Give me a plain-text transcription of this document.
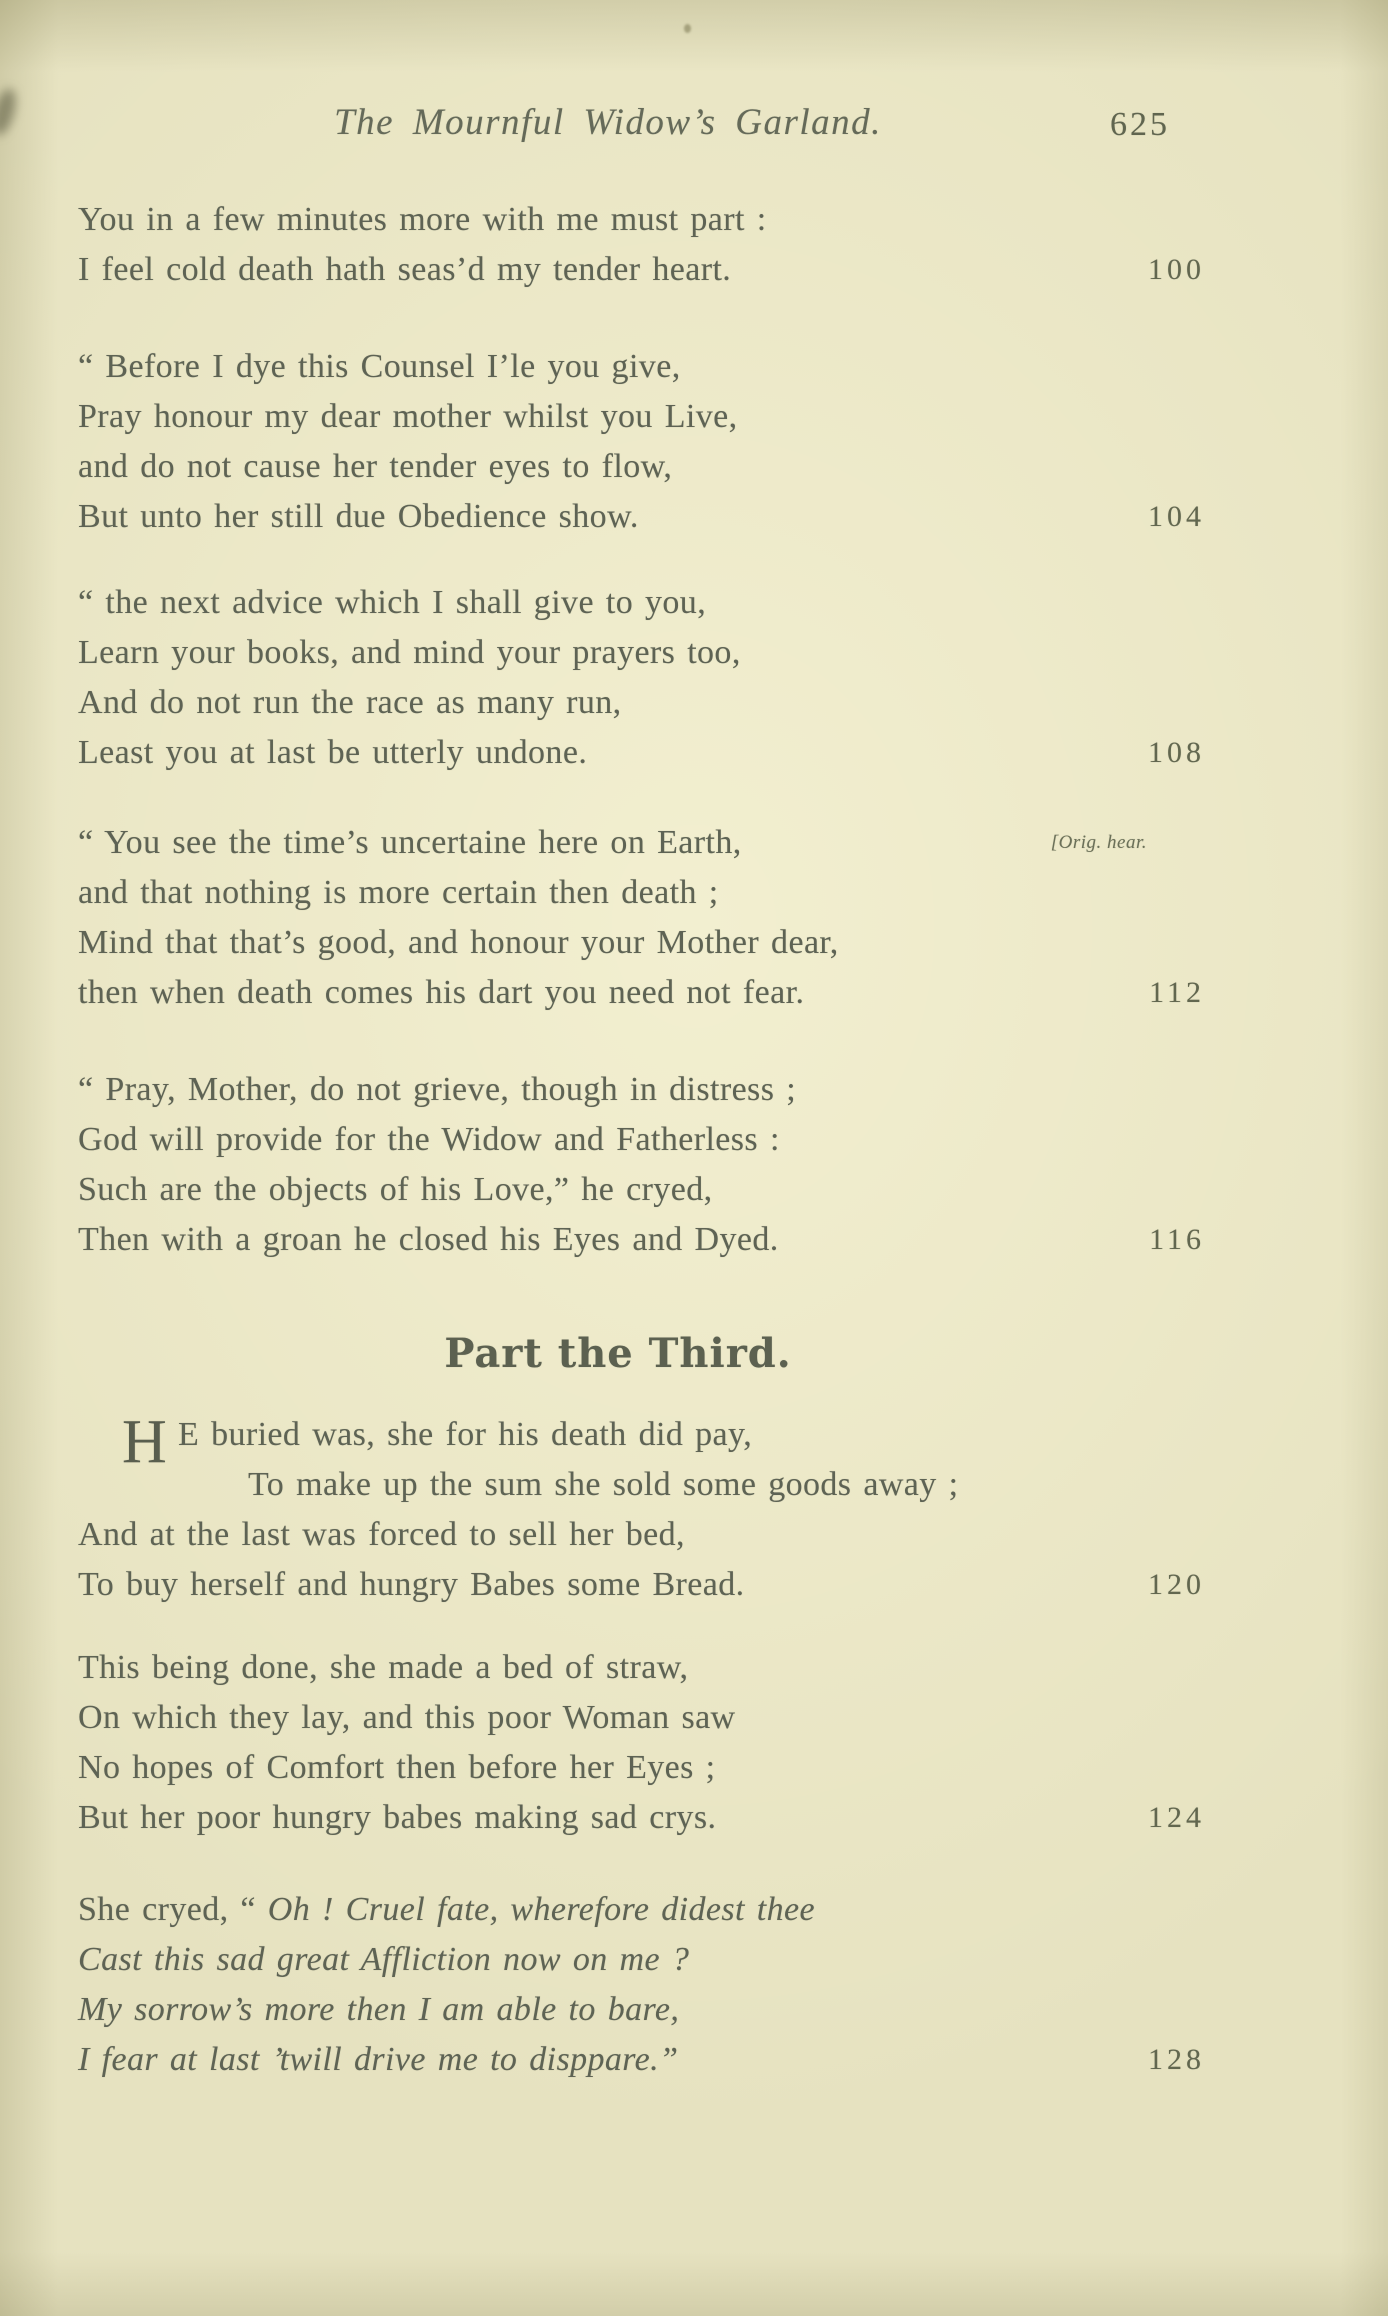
The Mournful Widow’s Garland.	625
You in a few minutes more with me must part :
I feel cold death hath seas’d my tender heart.	100
“ Before I dye this Counsel I’le you give,
Pray honour my dear mother whilst you Live,
and do not cause her tender eyes to flow,
But unto her still due Obedience show.	104
“ the next advice which I shall give to you,
Learn your books, and mind your prayers too,
And do not run the race as many run,
Least you at last be utterly undone.	108
“ You see the time’s uncertaine here on Earth,
and that nothing is more certain then death ;
Mind that that’s good, and honour your Mother dear,
then when death comes his dart you need not fear.
[Orig. hear.
112
“ Pray, Mother, do not grieve, though in distress ;
God will provide for the Widow and Fatherless :
Such are the objects of his Love,” he cryed,
Then with a groan he closed his Eyes and Dyed.	116
Part the Third.
H E buried was, she for his death did pay,
To make up the sum she sold some goods away ;
And at the last was forced to sell her bed,
To buy herself and hungry Babes some Bread.	120
This being done, she made a bed of straw,
On which they lay, and this poor Woman saw
No hopes of Comfort then before her Eyes ;
But her poor hungry babes making sad crys.	124
She cryed, “ Oh ! Cruel fate, wherefore didest thee
Cast this sad great Affliction now on me ?
My sorrow’s more then I am able to bare,
I fear at last ’twill drive me to disppare.”	128
